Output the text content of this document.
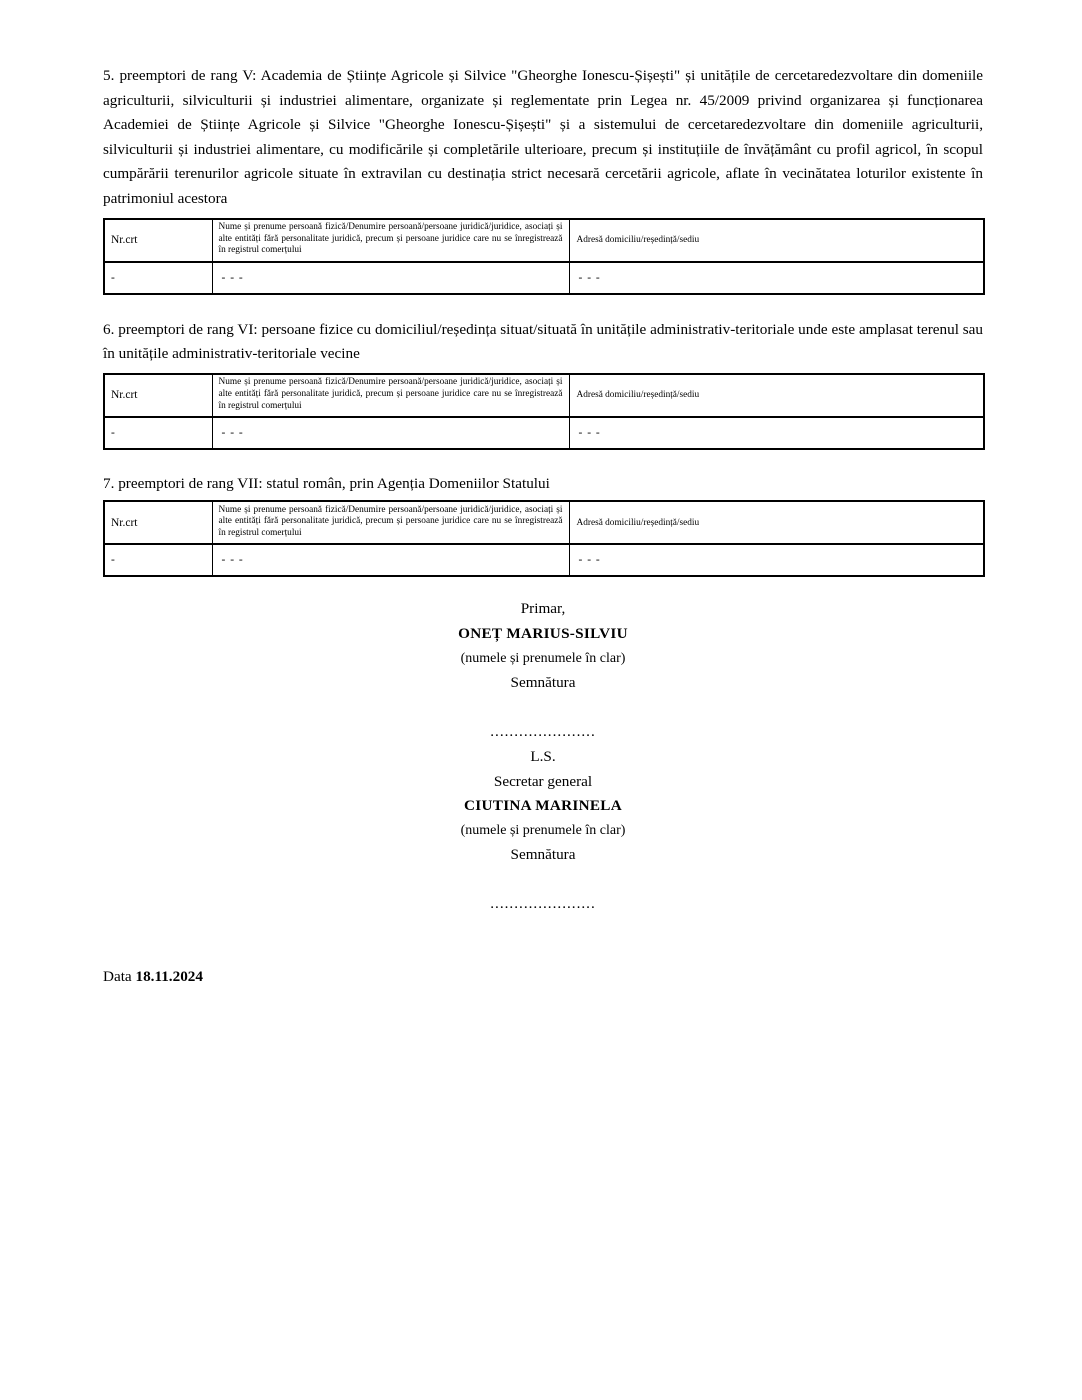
5. preemptori de rang V: Academia de Științe Agricole și Silvice "Gheorghe Ionescu-Șișești" și unitățile de cercetaredezvoltare din domeniile agriculturii, silviculturii și industriei alimentare, organizate și reglementate prin Legea nr. 45/2009 privind organizarea și funcționarea Academiei de Științe Agricole și Silvice "Gheorghe Ionescu-Șișești" și a sistemului de cercetaredezvoltare din domeniile agriculturii, silviculturii și industriei alimentare, cu modificările și completările ulterioare, precum și instituțiile de învățământ cu profil agricol, în scopul cumpărării terenurilor agricole situate în extravilan cu destinația strict necesară cercetării agricole, aflate în vecinătatea loturilor existente în patrimoniul acestora

Nr.crt	Nume și prenume persoană fizică/Denumire persoană/persoane juridică/juridice, asociați și alte entități fără personalitate juridică, precum și persoane juridice care nu se înregistrează în registrul comerțului	Adresă domiciliu/reședință/sediu
-	- - -	- - -

6. preemptori de rang VI: persoane fizice cu domiciliul/reședința situat/situată în unitățile administrativ-teritoriale unde este amplasat terenul sau în unitățile administrativ-teritoriale vecine

Nr.crt	Nume și prenume persoană fizică/Denumire persoană/persoane juridică/juridice, asociați și alte entități fără personalitate juridică, precum și persoane juridice care nu se înregistrează în registrul comerțului	Adresă domiciliu/reședință/sediu
-	- - -	- - -

7. preemptori de rang VII: statul român, prin Agenția Domeniilor Statului

Nr.crt	Nume și prenume persoană fizică/Denumire persoană/persoane juridică/juridice, asociați și alte entități fără personalitate juridică, precum și persoane juridice care nu se înregistrează în registrul comerțului	Adresă domiciliu/reședință/sediu
-	- - -	- - -
Primar,
ONEȚ MARIUS-SILVIU
(numele și prenumele în clar)
Semnătura
......................
L.S.
Secretar general
CIUTINA MARINELA
(numele și prenumele în clar)
Semnătura
......................

Data 18.11.2024
